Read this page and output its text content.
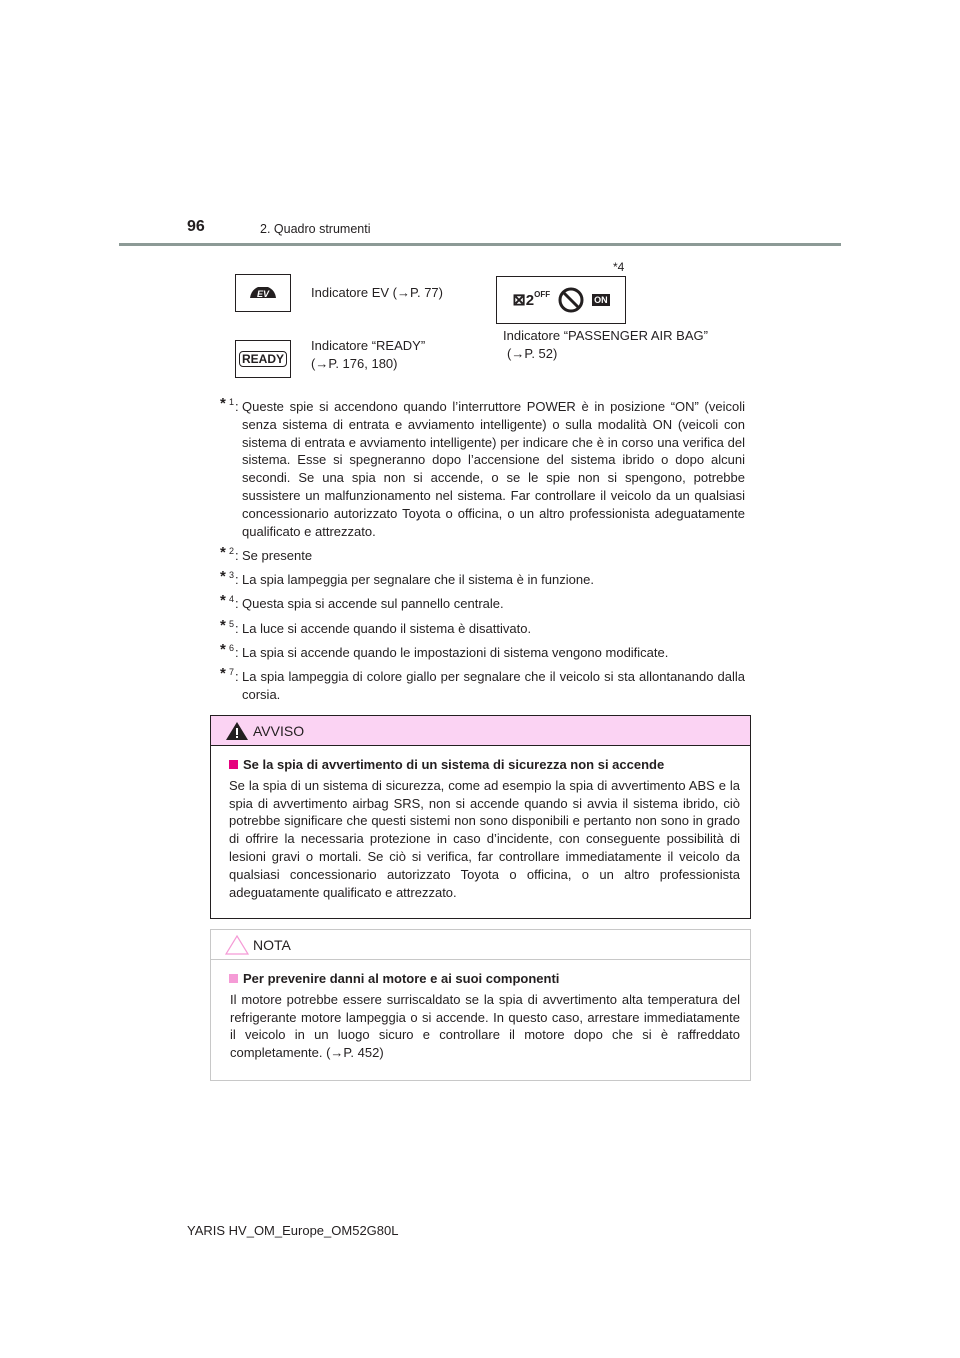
96	2. Quadro strumenti
EV	Indicatore EV (→P. 77)
READY
Indicatore “READY”
(→P. 176, 180)
*4
$⊠2^{OFF}$
ON
Indicatore “PASSENGER AIR BAG”
(→P. 52)
* 1 : Queste spie si accendono quando l’interruttore POWER è in posizione “ON” (veicoli senza sistema di entrata e avviamento intelligente) o sulla modalità ON (veicoli con sistema di entrata e avviamento intelligente) per indicare che è in corso una verifica del sistema. Esse si spegneranno dopo l’accensione del sistema ibrido o dopo alcuni secondi. Se una spia non si accende, o se le spie non si spengono, potrebbe sussistere un malfunzionamento nel sistema. Far controllare il veicolo da un qualsiasi concessionario autorizzato Toyota o officina, o un altro professionista adeguatamente qualificato e attrezzato.
* 2 : Se presente
* 3 : La spia lampeggia per segnalare che il sistema è in funzione.
* 4 : Questa spia si accende sul pannello centrale.
* 5 : La luce si accende quando il sistema è disattivato.
* 6 : La spia si accende quando le impostazioni di sistema vengono modificate.
* 7 : La spia lampeggia di colore giallo per segnalare che il veicolo si sta allontanando dalla corsia.
AVVISO
Se la spia di avvertimento di un sistema di sicurezza non si accende

Se la spia di un sistema di sicurezza, come ad esempio la spia di avvertimento ABS e la spia di avvertimento airbag SRS, non si accende quando si avvia il sistema ibrido, ciò potrebbe significare che questi sistemi non sono disponibili e pertanto non sono in grado di offrire la necessaria protezione in caso d’incidente, con conseguente possibilità di lesioni gravi o mortali. Se ciò si verifica, far controllare immediatamente il veicolo da qualsiasi concessionario autorizzato Toyota o officina, o un altro professionista adeguatamente qualificato e attrezzato.

NOTA
Per prevenire danni al motore e ai suoi componenti

Il motore potrebbe essere surriscaldato se la spia di avvertimento alta temperatura del refrigerante motore lampeggia o si accende. In questo caso, arrestare immediatamente il veicolo in un luogo sicuro e controllare il motore dopo che si è raffreddato completamente. (→P. 452)

YARIS HV_OM_Europe_OM52G80L
